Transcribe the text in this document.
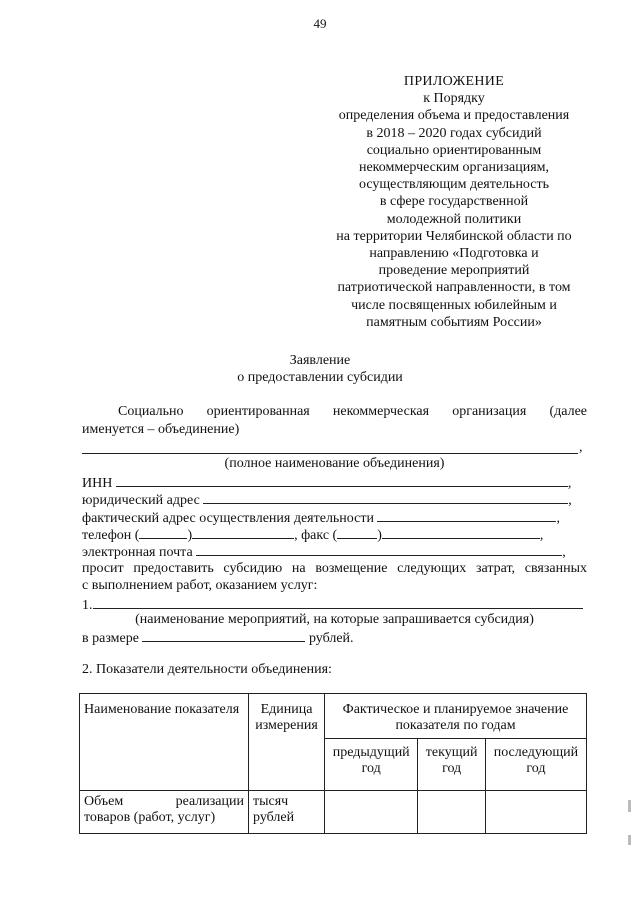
49
ПРИЛОЖЕНИЕ
к Порядку
определения объема и предоставления
в 2018 – 2020 годах субсидий
социально ориентированным
некоммерческим организациям,
осуществляющим деятельность
в сфере государственной
молодежной политики
на территории Челябинской области по
направлению «Подготовка и
проведение мероприятий
патриотической направленности, в том
числе посвященных юбилейным и
памятным событиям России»
Заявление
о предоставлении субсидии
Социально ориентированная некоммерческая организация (далее
именуется – объединение)
,
(полное наименование объединения)
ИНН	,
юридический адрес	,
фактический адрес осуществления деятельности	,
телефон (	)	, факс (	)	,
электронная почта	,
просит предоставить субсидию на возмещение следующих затрат, связанных
с выполнением работ, оказанием услуг:
1.
(наименование мероприятий, на которые запрашивается субсидия)
в размере	рублей.
2. Показатели деятельности объединения:
Наименование показателя	Единица измерения	Фактическое и планируемое значение показателя по годам		
		предыдущий год	текущий год	последующий год
Объем реализации товаров (работ, услуг)	тысяч рублей			
